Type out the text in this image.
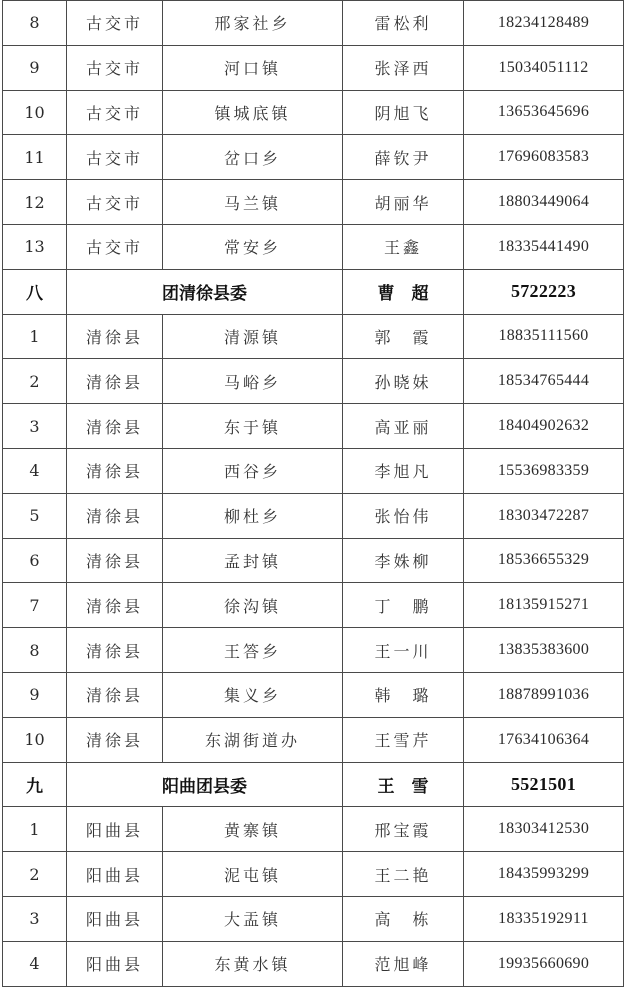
8	古交市	邢家社乡	雷松利	18234128489
9	古交市	河口镇	张泽西	15034051112
10	古交市	镇城底镇	阴旭飞	13653645696
11	古交市	岔口乡	薛钦尹	17696083583
12	古交市	马兰镇	胡丽华	18803449064
13	古交市	常安乡	王鑫	18335441490
八	团清徐县委		曹　超	5722223
1	清徐县	清源镇	郭　霞	18835111560
2	清徐县	马峪乡	孙晓妹	18534765444
3	清徐县	东于镇	高亚丽	18404902632
4	清徐县	西谷乡	李旭凡	15536983359
5	清徐县	柳杜乡	张怡伟	18303472287
6	清徐县	孟封镇	李姝柳	18536655329
7	清徐县	徐沟镇	丁　鹏	18135915271
8	清徐县	王答乡	王一川	13835383600
9	清徐县	集义乡	韩　璐	18878991036
10	清徐县	东湖街道办	王雪芹	17634106364
九	阳曲团县委		王　雪	5521501
1	阳曲县	黄寨镇	邢宝霞	18303412530
2	阳曲县	泥屯镇	王二艳	18435993299
3	阳曲县	大盂镇	高　栋	18335192911
4	阳曲县	东黄水镇	范旭峰	19935660690
